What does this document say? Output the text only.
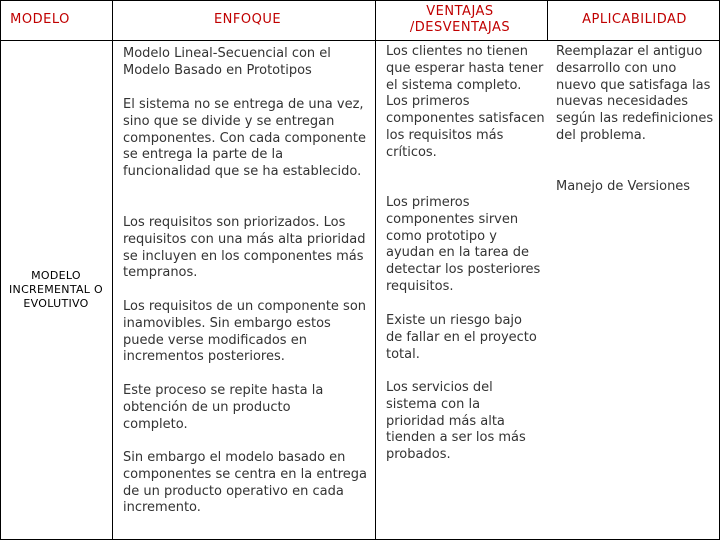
MODELO	ENFOQUE
VENTAJAS /DESVENTAJAS
APLICABILIDAD
MODELO INCREMENTAL O EVOLUTIVO
Modelo Lineal-Secuencial con el Modelo Basado en Prototipos
El sistema no se entrega de una vez, sino que se divide y se entregan componentes. Con cada componente se entrega la parte de la funcionalidad que se ha establecido.
Los requisitos son priorizados. Los requisitos con una más alta prioridad se incluyen en los componentes más tempranos.
Los requisitos de un componente son inamovibles. Sin embargo estos puede verse modificados en incrementos posteriores.
Este proceso se repite hasta la obtención de un producto completo.
Sin embargo el modelo basado en componentes se centra en la entrega de un producto operativo en cada incremento.
Los clientes no tienen que esperar hasta tener el sistema completo. Los primeros componentes satisfacen los requisitos más críticos.
Los primeros componentes sirven como prototipo y ayudan en la tarea de detectar los posteriores requisitos.
Existe un riesgo bajo de fallar en el proyecto total.
Los servicios del sistema con la prioridad más alta tienden a ser los más probados.
Reemplazar el antiguo desarrollo con uno nuevo que satisfaga las nuevas necesidades según las redefiniciones del problema.
Manejo de Versiones
